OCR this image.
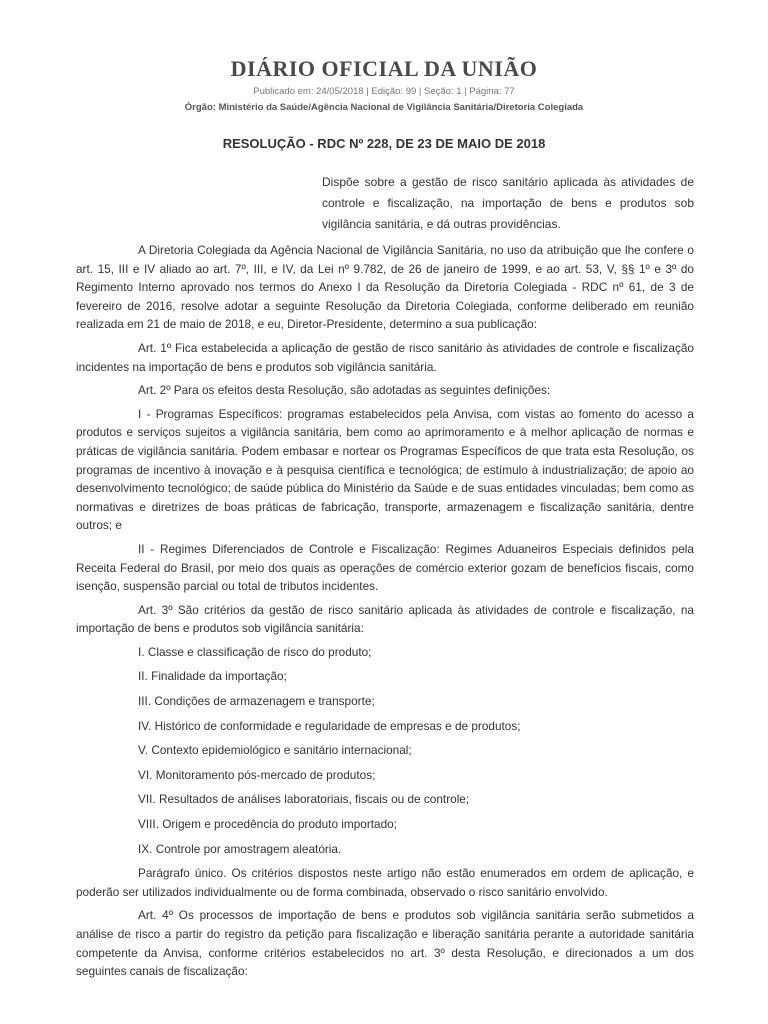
DIÁRIO OFICIAL DA UNIÃO
Publicado em: 24/05/2018 | Edição: 99 | Seção: 1 | Página: 77
Órgão: Ministério da Saúde/Agência Nacional de Vigilância Sanitária/Diretoria Colegiada
RESOLUÇÃO - RDC Nº 228, DE 23 DE MAIO DE 2018
Dispõe sobre a gestão de risco sanitário aplicada às atividades de controle e fiscalização, na importação de bens e produtos sob vigilância sanitária, e dá outras providências.

A Diretoria Colegiada da Agência Nacional de Vigilância Sanitária, no uso da atribuição que lhe confere o art. 15, III e IV aliado ao art. 7º, III, e IV, da Lei nº 9.782, de 26 de janeiro de 1999, e ao art. 53, V, §§ 1º e 3º do Regimento Interno aprovado nos termos do Anexo I da Resolução da Diretoria Colegiada - RDC nº 61, de 3 de fevereiro de 2016, resolve adotar a seguinte Resolução da Diretoria Colegiada, conforme deliberado em reunião realizada em 21 de maio de 2018, e eu, Diretor-Presidente, determino a sua publicação:

Art. 1º Fica estabelecida a aplicação de gestão de risco sanitário às atividades de controle e fiscalização incidentes na importação de bens e produtos sob vigilância sanitária.

Art. 2º Para os efeitos desta Resolução, são adotadas as seguintes definições:

I - Programas Específicos: programas estabelecidos pela Anvisa, com vistas ao fomento do acesso a produtos e serviços sujeitos a vigilância sanitária, bem como ao aprimoramento e à melhor aplicação de normas e práticas de vigilância sanitária. Podem embasar e nortear os Programas Específicos de que trata esta Resolução, os programas de incentivo à inovação e à pesquisa científica e tecnológica; de estímulo à industrialização; de apoio ao desenvolvimento tecnológico; de saúde pública do Ministério da Saúde e de suas entidades vinculadas; bem como as normativas e diretrizes de boas práticas de fabricação, transporte, armazenagem e fiscalização sanitária, dentre outros; e

II - Regimes Diferenciados de Controle e Fiscalização: Regimes Aduaneiros Especiais definidos pela Receita Federal do Brasil, por meio dos quais as operações de comércio exterior gozam de benefícios fiscais, como isenção, suspensão parcial ou total de tributos incidentes.

Art. 3º São critérios da gestão de risco sanitário aplicada às atividades de controle e fiscalização, na importação de bens e produtos sob vigilância sanitária:

I. Classe e classificação de risco do produto;

II. Finalidade da importação;

III. Condições de armazenagem e transporte;

IV. Histórico de conformidade e regularidade de empresas e de produtos;

V. Contexto epidemiológico e sanitário internacional;

VI. Monitoramento pós-mercado de produtos;

VII. Resultados de análises laboratoriais, fiscais ou de controle;

VIII. Origem e procedência do produto importado;

IX. Controle por amostragem aleatória.

Parágrafo único. Os critérios dispostos neste artigo não estão enumerados em ordem de aplicação, e poderão ser utilizados individualmente ou de forma combinada, observado o risco sanitário envolvido.

Art. 4º Os processos de importação de bens e produtos sob vigilância sanitária serão submetidos a análise de risco a partir do registro da petição para fiscalização e liberação sanitária perante a autoridade sanitária competente da Anvisa, conforme critérios estabelecidos no art. 3º desta Resolução, e direcionados a um dos seguintes canais de fiscalização:
